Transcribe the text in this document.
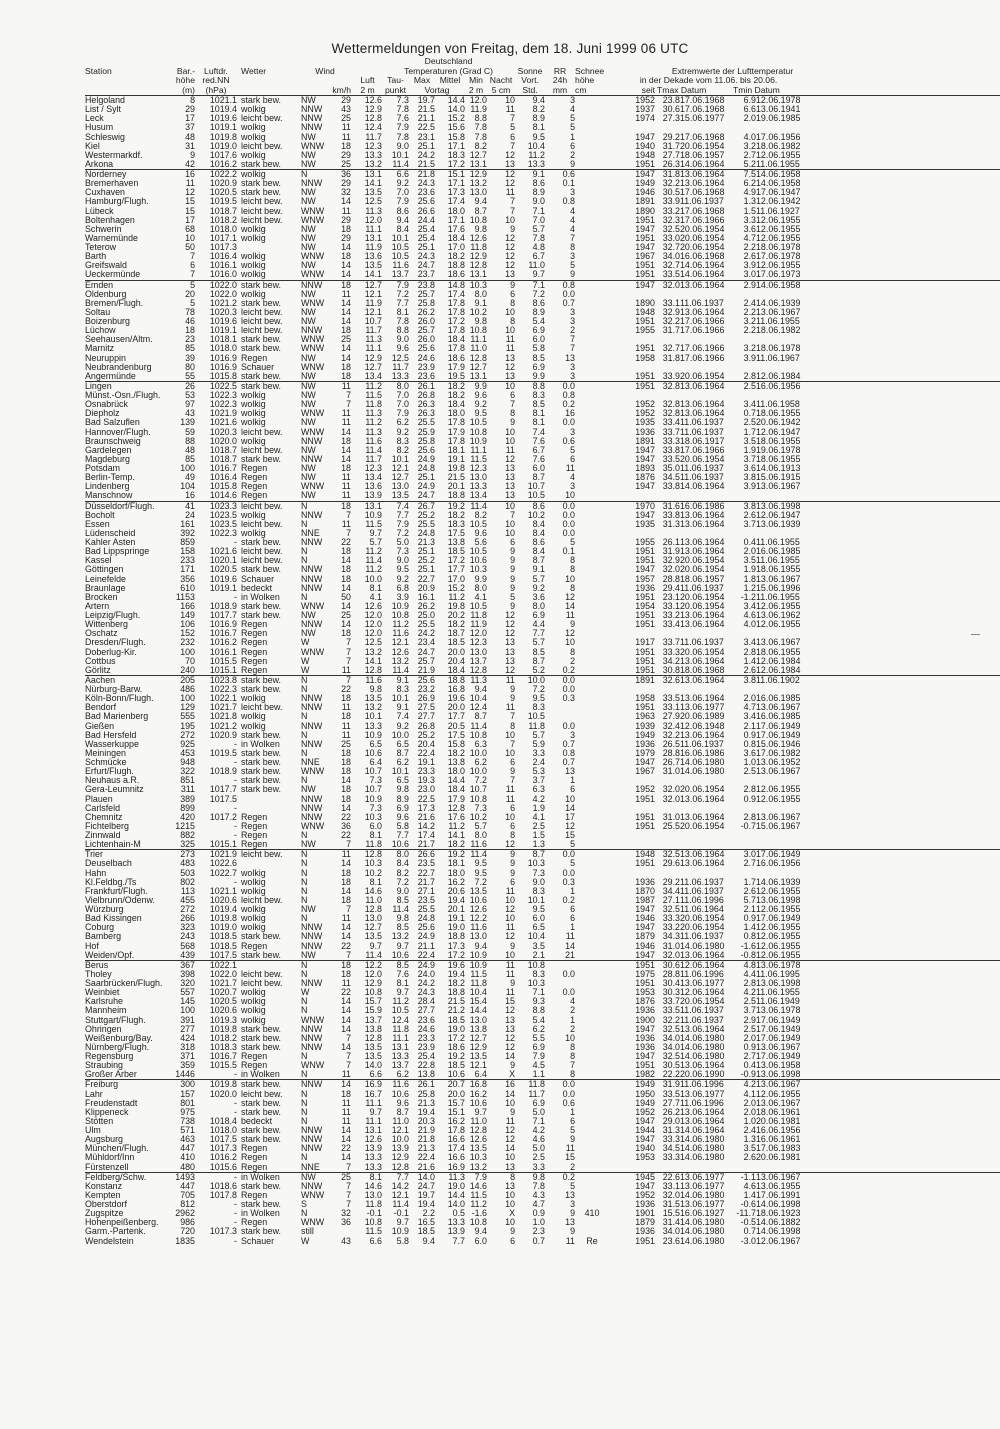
Wettermeldungen von Freitag, dem 18. Juni 1999 06 UTC
							Deutschland													
Station	Bar.-	Luftdr.	Wetter	Wind			Temperaturen (Grad C)					Sonne	RR	Schnee		Extremwerte der Lufttemperatur				
	höhe	red.NN				Luft	Tau-	Max	Mittel	Min	Nacht	Vort.	24h	höhe	in der Dekade vom 11.06. bis 20.06.					
	(m)	(hPa)		km/h		2 m	punkt	Vortag		2 m	5 cm	Std.	mm	cm	seit	Tmax Datum		Tmin Datum		
Helgoland	8	1021.1	stark bew.	NW	29	12.6	7.3	19.7	14.4	12.0	10	9.4	3		1952	23.8	17.06.1968	6.9	12.06.1978	
List / Sylt	29	1019.4	wolkig	NNW	43	12.9	7.8	21.5	14.0	11.9	11	8.2	4		1937	30.6	17.06.1968	6.6	13.06.1941	
Leck	17	1019.6	leicht bew.	NNW	25	12.8	7.6	21.1	15.2	8.8	7	8.9	5		1974	27.3	15.06.1977	2.0	19.06.1985	
Husum	37	1019.1	wolkig	NNW	11	12.4	7.9	22.5	15.6	7.8	5	8.1	5							
Schleswig	48	1019.8	wolkig	NW	11	11.7	7.8	23.1	15.8	7.8	6	9.5	1		1947	29.2	17.06.1968	4.0	17.06.1956	
Kiel	31	1019.0	leicht bew.	WNW	18	12.3	9.0	25.1	17.1	8.2	7	10.4	6		1940	31.7	20.06.1954	3.2	18.06.1982	
Westermarkdf.	9	1017.6	wolkig	NW	29	13.3	10.1	24.2	18.3	12.7	12	11.2	2		1948	27.7	18.06.1957	2.7	12.06.1955	
Arkona	42	1016.2	stark bew.	NW	25	13.2	11.4	21.5	17.2	13.1	13	13.3	9		1951	26.3	14.06.1964	5.2	11.06.1955	
Norderney	16	1022.2	wolkig	N	36	13.1	6.6	21.8	15.1	12.9	12	9.1	0.6		1947	31.8	13.06.1964	7.5	14.06.1958	
Bremerhaven	11	1020.9	stark bew.	NNW	29	14.1	9.2	24.3	17.1	13.2	12	8.6	0.1		1949	32.2	13.06.1964	6.2	14.06.1958	
Cuxhaven	12	1020.5	stark bew.	NW	32	13.5	7.0	23.6	17.3	13.0	11	8.9	3		1946	30.5	17.06.1968	4.9	17.06.1947	
Hamburg/Flugh.	15	1019.5	leicht bew.	NW	14	12.5	7.9	25.6	17.4	9.4	7	9.0	0.8		1891	33.9	11.06.1937	1.3	12.06.1942	
Lübeck	15	1018.7	leicht bew.	WNW	11	11.3	8.6	26.6	18.0	8.7	7	7.1	4		1890	33.2	17.06.1968	1.5	11.06.1927	
Boltenhagen	17	1018.2	leicht bew.	WNW	29	12.0	9.4	24.4	17.1	10.8	10	7.0	4		1951	32.3	17.06.1966	3.3	12.06.1955	
Schwerin	68	1018.0	wolkig	NW	18	11.1	8.4	25.4	17.6	9.8	9	5.7	4		1947	32.5	20.06.1954	3.6	12.06.1955	
Warnemünde	10	1017.1	wolkig	NW	29	13.1	10.1	25.4	18.4	12.6	12	7.8	7		1951	33.0	20.06.1954	4.7	12.06.1955	
Teterow	50	1017.3		NW	14	11.9	10.5	25.1	17.0	11.8	12	4.8	8		1947	32.7	20.06.1954	2.2	18.06.1978	
Barth	7	1016.4	wolkig	WNW	18	13.6	10.5	24.3	18.2	12.9	12	6.7	3		1967	34.0	16.06.1968	2.6	17.06.1978	
Greifswald	6	1016.1	wolkig	NW	14	13.5	11.6	24.7	18.8	12.8	12	11.0	5		1951	32.7	14.06.1964	3.9	12.06.1955	
Ueckermünde	7	1016.0	wolkig	WNW	14	14.1	13.7	23.7	18.6	13.1	13	9.7	9		1951	33.5	14.06.1964	3.0	17.06.1973	
Emden	5	1022.0	stark bew.	NNW	18	12.7	7.9	23.8	14.8	10.3	9	7.1	0.8		1947	32.0	13.06.1964	2.9	14.06.1958	
Oldenburg	20	1022.0	wolkig	NW	11	12.1	7.2	25.7	17.4	8.0	6	7.2	0.0							
Bremen/Flugh.	5	1021.2	stark bew.	WNW	14	11.9	7.7	25.8	17.8	9.1	8	8.6	0.7		1890	33.1	11.06.1937	2.4	14.06.1939	
Soltau	78	1020.3	leicht bew.	NW	14	12.1	8.1	26.2	17.8	10.2	10	8.9	3		1948	32.9	13.06.1964	2.2	13.06.1967	
Boizenburg	46	1019.6	leicht bew.	NW	14	10.7	7.8	26.0	17.2	9.8	8	5.4	3		1951	32.2	17.06.1966	3.2	11.06.1955	
Lüchow	18	1019.1	leicht bew.	NNW	18	11.7	8.8	25.7	17.8	10.8	10	6.9	2		1955	31.7	17.06.1966	2.2	18.06.1982	
Seehausen/Altm.	23	1018.1	stark bew.	WNW	25	11.3	9.0	26.0	18.4	11.1	11	6.0	7							
Marnitz	85	1018.0	stark bew.	WNW	14	11.1	9.6	25.6	17.8	11.0	11	5.8	7		1951	32.7	17.06.1966	3.2	18.06.1978	
Neuruppin	39	1016.9	Regen	NW	14	12.9	12.5	24.6	18.6	12.8	13	8.5	13		1958	31.8	17.06.1966	3.9	11.06.1967	
Neubrandenburg	80	1016.9	Schauer	WNW	18	12.7	11.7	23.9	17.9	12.7	12	6.9	3							
Angermünde	55	1015.8	stark bew.	NW	18	13.4	13.3	23.6	19.5	13.1	13	9.9	3		1951	33.9	20.06.1954	2.8	12.06.1984	
Lingen	26	1022.5	stark bew.	NW	11	11.2	8.0	26.1	18.2	9.9	10	8.8	0.0		1951	32.8	13.06.1964	2.5	16.06.1956	
Münst.-Osn./Flugh.	53	1022.3	wolkig	NW	7	11.5	7.0	26.8	18.2	9.6	6	8.3	0.8							
Osnabrück	97	1022.3	wolkig	NW	7	11.8	7.0	26.3	18.4	9.2	7	8.5	0.2		1952	32.8	13.06.1964	3.4	11.06.1958	
Diepholz	43	1021.9	wolkig	WNW	11	11.3	7.9	26.3	18.0	9.5	8	8.1	16		1952	32.8	13.06.1964	0.7	18.06.1955	
Bad Salzuflen	139	1021.6	wolkig	NW	11	11.2	6.2	25.5	17.8	10.5	9	8.1	0.0		1935	33.4	11.06.1937	2.5	20.06.1942	
Hannover/Flugh.	59	1020.3	leicht bew.	WNW	14	11.3	9.2	25.9	17.9	10.8	10	7.4	3		1936	33.7	11.06.1937	1.7	12.06.1947	
Braunschweig	88	1020.0	wolkig	NNW	18	11.6	8.3	25.8	17.8	10.9	10	7.6	0.6		1891	33.3	18.06.1917	3.5	18.06.1955	
Gardelegen	48	1018.7	leicht bew.	NW	14	11.4	8.2	25.6	18.1	11.1	11	6.7	5		1947	33.8	17.06.1966	1.9	19.06.1978	
Magdeburg	85	1018.7	stark bew.	NNW	14	11.7	10.1	24.9	19.1	11.5	12	7.6	6		1947	33.5	20.06.1954	3.7	18.06.1955	
Potsdam	100	1016.7	Regen	NW	18	12.3	12.1	24.8	19.8	12.3	13	6.0	11		1893	35.0	11.06.1937	3.6	14.06.1913	
Berlin-Temp.	49	1016.4	Regen	NW	11	13.4	12.7	25.1	21.5	13.0	13	8.7	4		1876	34.5	11.06.1937	3.8	15.06.1915	
Lindenberg	104	1015.8	Regen	WNW	11	13.6	13.0	24.9	20.1	13.3	13	10.7	3		1947	33.8	14.06.1964	3.9	13.06.1967	
Manschnow	16	1014.6	Regen	NW	11	13.9	13.5	24.7	18.8	13.4	13	10.5	10							
Düsseldorf/Flugh.	41	1023.3	leicht bew.	N	18	13.1	7.4	26.7	19.2	11.4	10	8.6	0.0		1970	31.6	16.06.1986	3.8	13.06.1998	
Bocholt	24	1023.5	wolkig	NNW	7	10.9	7.7	25.2	18.2	8.2	7	10.2	0.0		1947	33.8	13.06.1964	2.6	12.06.1947	
Essen	161	1023.5	leicht bew.	N	11	11.5	7.9	25.5	18.3	10.5	10	8.4	0.0		1935	31.3	13.06.1964	3.7	13.06.1939	
Lüdenscheid	392	1022.3	wolkig	NNE	7	9.7	7.2	24.8	17.5	9.6	10	8.4	0.0							
Kahler Asten	859	-	stark bew.	NNW	22	5.7	5.0	21.3	13.8	5.6	6	8.6	5		1955	26.1	13.06.1964	0.4	11.06.1955	
Bad Lippspringe	158	1021.6	leicht bew.	N	18	11.2	7.3	25.1	18.5	10.5	9	8.4	0.1		1951	31.9	13.06.1964	2.0	16.06.1985	
Kassel	233	1020.1	leicht bew.	N	14	11.4	9.0	25.2	17.2	10.6	9	8.7	8		1951	32.9	20.06.1954	3.5	11.06.1955	
Göttingen	171	1020.5	stark bew.	NNW	18	11.2	9.5	25.1	17.7	10.3	9	9.1	8		1947	32.0	20.06.1954	1.9	18.06.1955	
Leinefelde	356	1019.6	Schauer	NNW	18	10.0	9.2	22.7	17.0	9.9	9	5.7	10		1957	28.8	18.06.1957	1.8	13.06.1967	
Braunlage	610	1019.1	bedeckt	NNW	14	8.1	6.8	20.9	15.2	8.0	9	9.2	8		1936	29.4	11.06.1937	1.2	15.06.1996	
Brocken	1153	-	in Wolken	N	50	4.1	3.9	16.1	11.2	4.1	5	3.6	12		1951	23.1	20.06.1954	-1.2	11.06.1955	
Artern	166	1018.9	stark bew.	WNW	14	12.6	10.9	26.2	19.8	10.5	9	8.0	14		1954	33.1	20.06.1954	3.4	12.06.1955	
Leipzig/Flugh.	149	1017.7	stark bew.	NW	25	12.0	10.8	25.0	20.2	11.8	12	6.9	11		1951	33.2	13.06.1964	4.6	13.06.1962	
Wittenberg	106	1016.9	Regen	NNW	14	12.0	11.2	25.5	18.2	11.9	12	4.4	9		1951	33.4	13.06.1964	4.0	12.06.1955	
Oschatz	152	1016.7	Regen	NW	18	12.0	11.6	24.2	18.7	12.0	12	7.7	12							
Dresden/Flugh.	232	1016.2	Regen	W	7	12.5	12.1	23.4	18.5	12.3	13	5.7	10		1917	33.7	11.06.1937	3.4	13.06.1967	
Doberlug-Kir.	100	1016.1	Regen	WNW	7	13.2	12.6	24.7	20.0	13.0	13	8.5	8		1951	33.3	20.06.1954	2.8	18.06.1955	
Cottbus	70	1015.5	Regen	W	7	14.1	13.2	25.7	20.4	13.7	13	8.7	2		1951	34.2	13.06.1964	1.4	12.06.1984	
Görlitz	240	1015.1	Regen	W	11	12.8	11.4	21.9	18.4	12.8	12	5.2	0.2		1951	30.8	18.06.1968	2.6	12.06.1984	
Aachen	205	1023.8	stark bew.	N	7	11.6	9.1	25.6	18.8	11.3	11	10.0	0.0		1891	32.6	13.06.1964	3.8	11.06.1902	
Nürburg-Barw.	486	1022.3	stark bew.	N	22	9.8	8.3	23.2	16.8	9.4	9	7.2	0.0							
Köln-Bonn/Flugh.	100	1022.1	wolkig	NNW	18	13.5	10.1	26.9	19.6	10.4	9	9.5	0.3		1958	33.5	13.06.1964	2.0	16.06.1985	
Bendorf	129	1021.7	leicht bew.	NNW	11	13.2	9.1	27.5	20.0	12.4	11	8.3			1951	33.1	13.06.1977	4.7	13.06.1967	
Bad Marienberg	555	1021.8	wolkig	N	18	10.1	7.4	27.7	17.7	8.7	7	10.5			1963	27.9	20.06.1989	3.4	16.06.1985	
Gießen	195	1021.2	wolkig	NNW	11	13.3	9.2	26.8	20.5	11.4	8	11.8	0.0		1939	32.4	12.06.1948	2.1	17.06.1949	
Bad Hersfeld	272	1020.9	stark bew.	N	11	10.9	10.0	25.2	17.5	10.8	10	5.7	3		1949	32.2	13.06.1964	0.9	17.06.1949	
Wasserkuppe	925	-	in Wolken	NNW	25	6.5	6.5	20.4	15.8	6.3	7	5.9	0.7		1936	26.5	11.06.1937	0.8	15.06.1946	
Meiningen	453	1019.5	stark bew.	N	18	10.6	8.7	22.4	18.2	10.0	10	3.3	0.8		1979	28.8	16.06.1986	3.6	17.06.1982	
Schmücke	948	-	stark bew.	NNE	18	6.4	6.2	19.1	13.8	6.2	6	2.4	0.7		1947	26.7	14.06.1980	1.0	13.06.1952	
Erfurt/Flugh.	322	1018.9	stark bew.	WNW	18	10.7	10.1	23.3	18.0	10.0	9	5.3	13		1967	31.0	14.06.1980	2.5	13.06.1967	
Neuhaus a.R.	851	-	stark bew.	N	14	7.3	6.5	19.3	14.4	7.2	7	3.7	1							
Gera-Leumnitz	311	1017.7	stark bew.	NW	18	10.7	9.8	23.0	18.4	10.7	11	6.3	6		1952	32.0	20.06.1954	2.8	12.06.1955	
Plauen	389	1017.5		NNW	18	10.9	8.9	22.5	17.9	10.8	11	4.2	10		1951	32.0	13.06.1964	0.9	12.06.1955	
Carlsfeld	899	-		NNW	14	7.3	6.9	17.3	12.8	7.3	6	1.9	14							
Chemnitz	420	1017.2	Regen	NNW	22	10.3	9.6	21.6	17.6	10.2	10	4.1	17		1951	31.0	13.06.1964	2.8	13.06.1967	
Fichtelberg	1215	-	Regen	WNW	36	6.0	5.8	14.2	11.2	5.7	6	2.5	12		1951	25.5	20.06.1954	-0.7	15.06.1967	
Zinnwald	882	-	Regen	N	22	8.1	7.7	17.4	14.1	8.0	8	1.5	15							
Lichtenhain-M	325	1015.1	Regen	NW	7	11.8	10.6	21.7	18.2	11.6	12	1.3	5							
Trier	273	1021.9	leicht bew.	N	11	12.8	8.0	26.6	19.2	11.4	9	8.7	0.0		1948	32.5	13.06.1964	3.0	17.06.1949	
Deuselbach	483	1022.6		N	14	10.3	8.4	23.5	18.1	9.5	9	10.3	5		1951	29.6	13.06.1964	2.7	16.06.1956	
Hahn	503	1022.7	wolkig	N	18	10.2	8.2	22.7	18.0	9.5	9	7.3	0.0							
Kl.Feldbg./Ts	802	-	wolkig	N	18	8.1	7.2	21.7	16.2	7.2	6	9.0	0.3		1936	29.2	11.06.1937	1.7	14.06.1939	
Frankfurt/Flugh.	113	1021.1	wolkig	N	14	14.6	9.0	27.1	20.6	13.5	11	8.3	1		1870	34.4	11.06.1937	2.6	12.06.1955	
Vielbrunn/Odenw.	455	1020.6	leicht bew.	N	18	11.0	8.5	23.5	19.4	10.6	10	10.1	0.2		1987	27.1	11.06.1996	5.7	13.06.1998	
Würzburg	272	1019.4	wolkig	NW	7	12.8	11.4	25.5	20.1	12.6	12	9.5	6		1947	32.5	11.06.1964	2.1	12.06.1955	
Bad Kissingen	266	1019.8	wolkig	N	11	13.0	9.8	24.8	19.1	12.2	10	6.0	6		1946	33.3	20.06.1954	0.9	17.06.1949	
Coburg	323	1019.0	wolkig	NNW	14	12.7	8.5	25.6	19.0	11.6	11	6.5	1		1947	33.2	20.06.1954	1.4	12.06.1955	
Bamberg	243	1018.5	stark bew.	NNW	14	13.5	13.2	24.9	18.8	13.0	12	10.4	11		1879	34.3	11.06.1937	0.8	12.06.1955	
Hof	568	1018.5	Regen	NNW	22	9.7	9.7	21.1	17.3	9.4	9	3.5	14		1946	31.0	14.06.1980	-1.6	12.06.1955	
Weiden/Opf.	439	1017.5	stark bew.	NW	7	11.4	10.6	22.4	17.2	10.9	10	2.1	21		1947	32.0	13.06.1964	-0.8	12.06.1955	
Berus	367	1022.1		N	18	12.2	8.5	24.9	19.6	10.9	11	10.8			1951	30.6	12.06.1964	4.8	13.06.1978	
Tholey	398	1022.0	leicht bew.	N	18	12.0	7.6	24.0	19.4	11.5	11	8.3	0.0		1975	28.8	11.06.1996	4.4	11.06.1995	
Saarbrücken/Flugh.	320	1021.7	leicht bew.	NNW	11	12.9	8.1	24.2	18.2	11.8	9	10.3			1951	30.4	13.06.1977	2.8	13.06.1998	
Weinbiet	557	1020.7	wolkig	W	22	10.8	9.7	24.3	18.8	10.4	11	7.1	0.0		1953	30.3	12.06.1964	4.2	11.06.1955	
Karlsruhe	145	1020.5	wolkig	N	14	15.7	11.2	28.4	21.5	15.4	15	9.3	4		1876	33.7	20.06.1954	2.5	11.06.1949	
Mannheim	100	1020.6	wolkig	N	14	15.9	10.5	27.7	21.2	14.4	12	8.8	2		1936	33.5	11.06.1937	3.7	13.06.1978	
Stuttgart/Flugh.	391	1019.3	wolkig	WNW	14	13.7	12.4	23.6	18.5	13.0	13	5.4	1		1900	32.2	11.06.1937	2.9	17.06.1949	
Öhringen	277	1019.8	stark bew.	NNW	14	13.8	11.8	24.6	19.0	13.8	13	6.2	2		1947	32.5	13.06.1964	2.5	17.06.1949	
Weißenburg/Bay.	424	1018.2	stark bew.	NNW	7	12.8	11.1	23.3	17.2	12.7	12	5.5	10		1936	34.0	14.06.1980	2.0	17.06.1949	
Nürnberg/Flugh.	318	1018.3	stark bew.	NNW	14	13.5	13.1	23.9	18.6	12.9	12	6.9	8		1936	34.0	14.06.1980	0.9	13.06.1967	
Regensburg	371	1016.7	Regen	N	7	13.5	13.3	25.4	19.2	13.5	14	7.9	8		1947	32.5	14.06.1980	2.7	17.06.1949	
Straubing	359	1015.5	Regen	WNW	7	14.0	13.7	22.8	18.5	12.1	9	4.5	7		1951	30.5	13.06.1964	0.4	13.06.1958	
Großer Arber	1446	-	in Wolken	N	11	6.6	6.2	13.8	10.6	6.4	X	1.1	8		1982	22.2	20.06.1990	-0.9	13.06.1998	
Freiburg	300	1019.8	stark bew.	NNW	14	16.9	11.6	26.1	20.7	16.8	16	11.8	0.0		1949	31.9	11.06.1996	4.2	13.06.1967	
Lahr	157	1020.0	leicht bew.	N	18	16.7	10.6	25.8	20.0	16.2	14	11.7	0.0		1950	33.5	13.06.1977	4.1	12.06.1955	
Freudenstadt	801	-	stark bew.	N	11	11.1	9.6	21.3	15.7	10.6	10	6.9	0.6		1949	27.7	11.06.1996	2.0	13.06.1967	
Klippeneck	975	-	stark bew.	N	11	9.7	8.7	19.4	15.1	9.7	9	5.0	1		1952	26.2	13.06.1964	2.0	18.06.1961	
Stötten	738	1018.4	bedeckt	N	11	11.1	11.0	20.3	16.2	11.0	11	7.1	6		1947	29.0	13.06.1964	1.0	20.06.1981	
Ulm	571	1018.0	stark bew.	NNW	14	13.1	12.1	21.9	17.8	12.8	12	4.2	5		1944	31.3	14.06.1964	2.4	16.06.1956	
Augsburg	463	1017.5	stark bew.	NNW	14	12.6	10.0	21.8	16.6	12.6	12	4.6	9		1947	33.3	14.06.1980	1.3	16.06.1961	
München/Flugh.	447	1017.3	Regen	NNW	22	13.9	13.9	21.3	17.4	13.5	14	5.0	11		1940	34.5	14.06.1980	3.5	17.06.1983	
Mühldorf/Inn	410	1016.2	Regen	N	14	13.3	12.9	22.4	16.6	10.3	10	2.5	15		1953	33.3	14.06.1980	2.6	20.06.1981	
Fürstenzell	480	1015.6	Regen	NNE	7	13.3	12.8	21.6	16.9	13.2	13	3.3	2							
Feldberg/Schw.	1493	-	in Wolken	NW	25	8.1	7.7	14.0	11.3	7.9	8	9.8	0.2		1945	22.6	13.06.1977	-1.1	13.06.1967	
Konstanz	447	1018.6	stark bew.	NNW	7	14.6	14.2	24.7	19.0	14.6	13	7.8	5		1947	33.1	13.06.1977	4.6	13.06.1955	
Kempten	705	1017.8	Regen	WNW	7	13.0	12.1	19.7	14.4	11.5	10	4.3	13		1952	32.0	14.06.1980	1.4	17.06.1991	
Oberstdorf	812	-	stark bew.	S	7	11.8	11.4	19.4	14.0	11.2	10	4.7	3		1936	31.5	13.06.1977	-0.6	14.06.1998	
Zugspitze	2962	-	in Wolken	N	32	-0.1	-0.1	2.2	0.5	-1.6	X	0.9	9	410	1901	15.5	16.06.1927	-11.7	18.06.1923	
Hohenpeißenberg.	986	-	Regen	WNW	36	10.8	9.7	16.5	13.3	10.8	10	1.0	13		1879	31.4	14.06.1980	-0.5	14.06.1882	
Garm.-Partenk.	720	1017.3	stark bew.	still		11.5	10.9	18.5	13.9	9.4	9	2.3	9		1936	34.0	14.06.1980	0.7	14.06.1998	
Wendelstein	1835	-	Schauer	W	43	6.6	5.8	9.4	7.7	6.0	6	0.7	11	Re	1951	23.6	14.06.1980	-3.0	12.06.1967	
